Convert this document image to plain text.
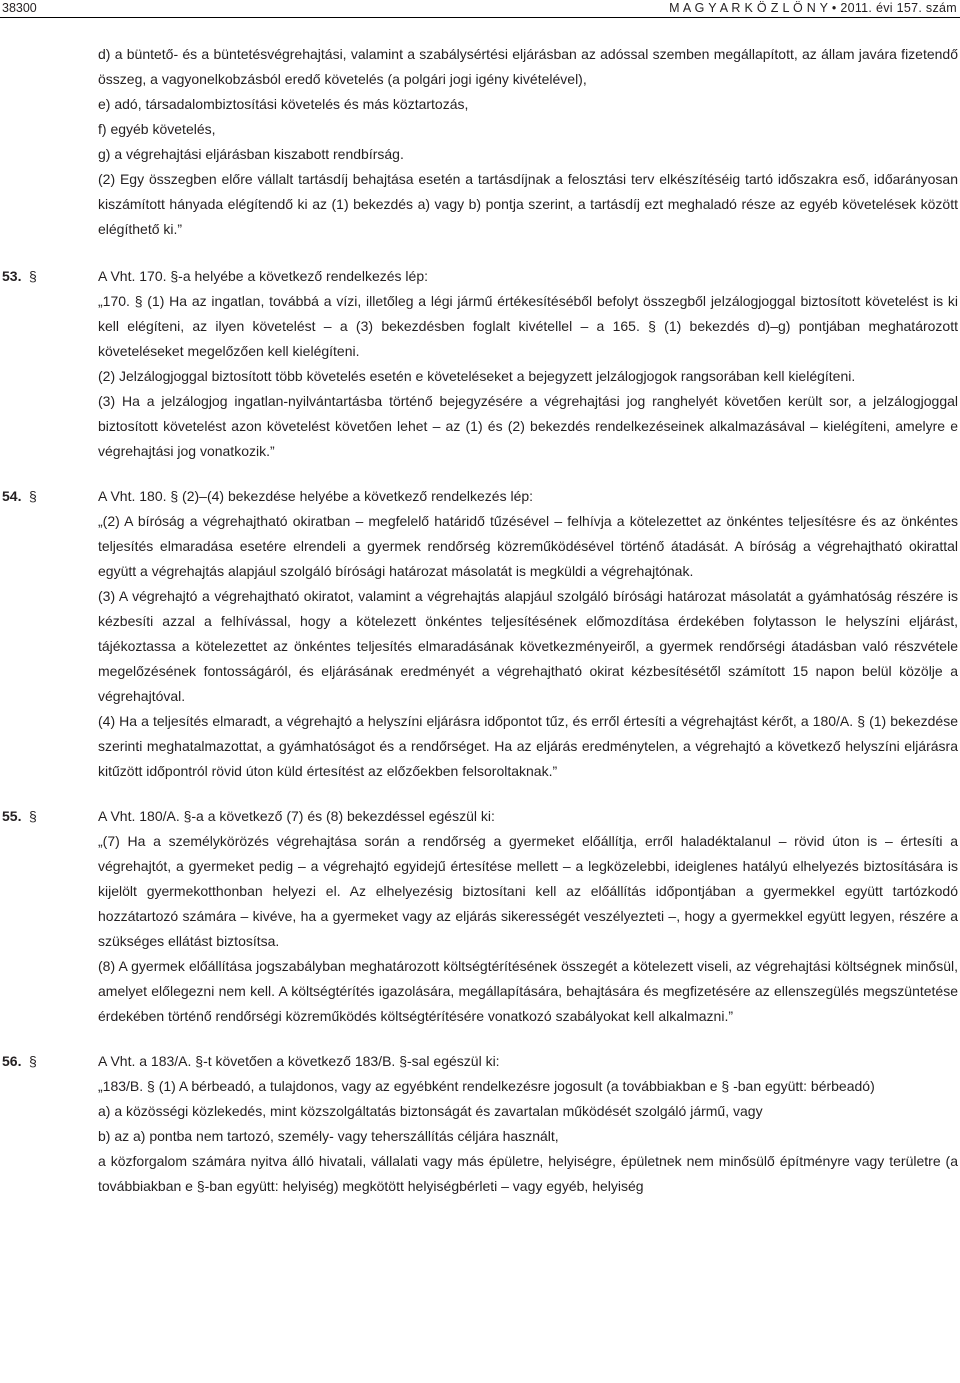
38300	M A G Y A R K Ö Z L Ö N Y • 2011. évi 157. szám

d) a büntető- és a büntetésvégrehajtási, valamint a szabálysértési eljárásban az adóssal szemben megállapított, az állam javára fizetendő összeg, a vagyonelkobzásból eredő követelés (a polgári jogi igény kivételével),

e) adó, társadalombiztosítási követelés és más köztartozás,

f) egyéb követelés,

g) a végrehajtási eljárásban kiszabott rendbírság.

(2) Egy összegben előre vállalt tartásdíj behajtása esetén a tartásdíjnak a felosztási terv elkészítéséig tartó időszakra eső, időarányosan kiszámított hányada elégítendő ki az (1) bekezdés a) vagy b) pontja szerint, a tartásdíj ezt meghaladó része az egyéb követelések között elégíthető ki.”

53. §	A Vht. 170. §-a helyébe a következő rendelkezés lép:

„170. § (1) Ha az ingatlan, továbbá a vízi, illetőleg a légi jármű értékesítéséből befolyt összegből jelzálogjoggal biztosított követelést is ki kell elégíteni, az ilyen követelést – a (3) bekezdésben foglalt kivétellel – a 165. § (1) bekezdés d)–g) pontjában meghatározott követeléseket megelőzően kell kielégíteni.

(2) Jelzálogjoggal biztosított több követelés esetén e követeléseket a bejegyzett jelzálogjogok rangsorában kell kielégíteni.

(3) Ha a jelzálogjog ingatlan-nyilvántartásba történő bejegyzésére a végrehajtási jog ranghelyét követően került sor, a jelzálogjoggal biztosított követelést azon követelést követően lehet – az (1) és (2) bekezdés rendelkezéseinek alkalmazásával – kielégíteni, amelyre e végrehajtási jog vonatkozik.”

54. §	A Vht. 180. § (2)–(4) bekezdése helyébe a következő rendelkezés lép:

„(2) A bíróság a végrehajtható okiratban – megfelelő határidő tűzésével – felhívja a kötelezettet az önkéntes teljesítésre és az önkéntes teljesítés elmaradása esetére elrendeli a gyermek rendőrség közreműködésével történő átadását. A bíróság a végrehajtható okirattal együtt a végrehajtás alapjául szolgáló bírósági határozat másolatát is megküldi a végrehajtónak.

(3) A végrehajtó a végrehajtható okiratot, valamint a végrehajtás alapjául szolgáló bírósági határozat másolatát a gyámhatóság részére is kézbesíti azzal a felhívással, hogy a kötelezett önkéntes teljesítésének előmozdítása érdekében folytasson le helyszíni eljárást, tájékoztassa a kötelezettet az önkéntes teljesítés elmaradásának következményeiről, a gyermek rendőrségi átadásban való részvétele megelőzésének fontosságáról, és eljárásának eredményét a végrehajtható okirat kézbesítésétől számított 15 napon belül közölje a végrehajtóval.

(4) Ha a teljesítés elmaradt, a végrehajtó a helyszíni eljárásra időpontot tűz, és erről értesíti a végrehajtást kérőt, a 180/A. § (1) bekezdése szerinti meghatalmazottat, a gyámhatóságot és a rendőrséget. Ha az eljárás eredménytelen, a végrehajtó a következő helyszíni eljárásra kitűzött időpontról rövid úton küld értesítést az előzőekben felsoroltaknak.”

55. §	A Vht. 180/A. §-a a következő (7) és (8) bekezdéssel egészül ki:

„(7) Ha a személykörözés végrehajtása során a rendőrség a gyermeket előállítja, erről haladéktalanul – rövid úton is – értesíti a végrehajtót, a gyermeket pedig – a végrehajtó egyidejű értesítése mellett – a legközelebbi, ideiglenes hatályú elhelyezés biztosítására is kijelölt gyermekotthonban helyezi el. Az elhelyezésig biztosítani kell az előállítás időpontjában a gyermekkel együtt tartózkodó hozzátartozó számára – kivéve, ha a gyermeket vagy az eljárás sikerességét veszélyezteti –, hogy a gyermekkel együtt legyen, részére a szükséges ellátást biztosítsa.

(8) A gyermek előállítása jogszabályban meghatározott költségtérítésének összegét a kötelezett viseli, az végrehajtási költségnek minősül, amelyet előlegezni nem kell. A költségtérítés igazolására, megállapítására, behajtására és megfizetésére az ellenszegülés megszüntetése érdekében történő rendőrségi közreműködés költségtérítésére vonatkozó szabályokat kell alkalmazni.”

56. §	A Vht. a 183/A. §-t követően a következő 183/B. §-sal egészül ki:

„183/B. § (1) A bérbeadó, a tulajdonos, vagy az egyébként rendelkezésre jogosult (a továbbiakban e § -ban együtt: bérbeadó)

a) a közösségi közlekedés, mint közszolgáltatás biztonságát és zavartalan működését szolgáló jármű, vagy

b) az a) pontba nem tartozó, személy- vagy teherszállítás céljára használt,

a közforgalom számára nyitva álló hivatali, vállalati vagy más épületre, helyiségre, épületnek nem minősülő építményre vagy területre (a továbbiakban e §-ban együtt: helyiség) megkötött helyiségbérleti – vagy egyéb, helyiség
